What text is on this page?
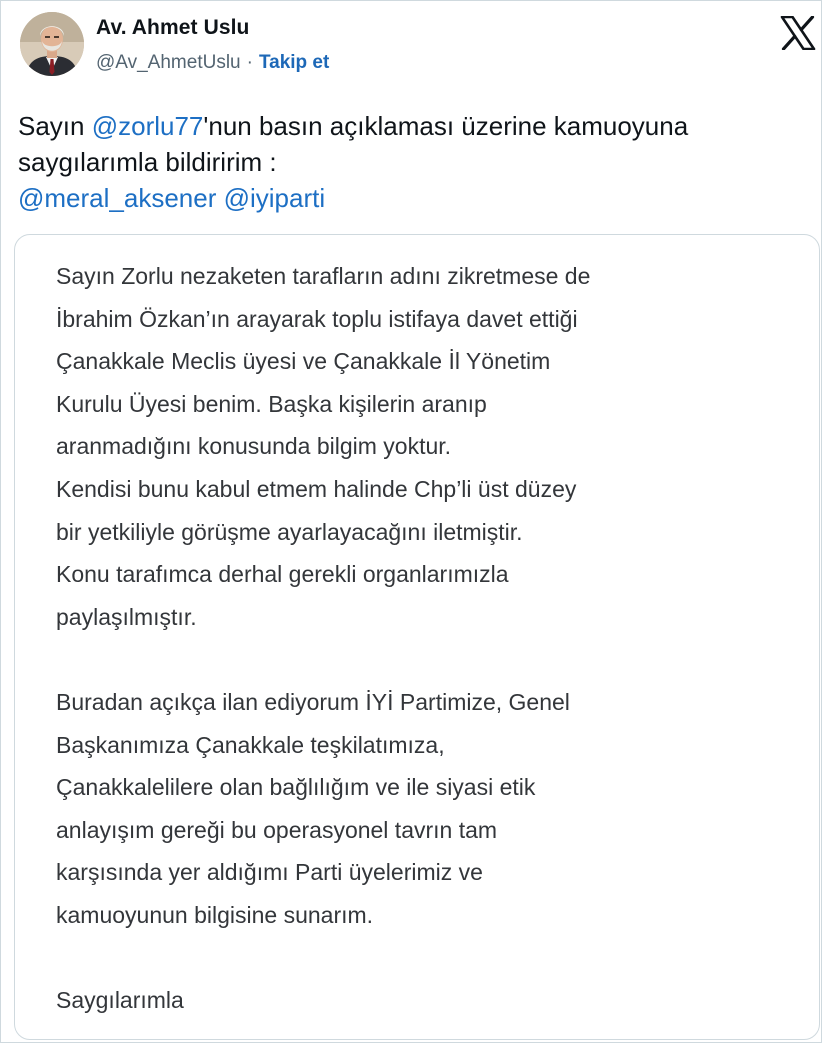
Av. Ahmet Uslu
@Av_AhmetUslu · Takip et
Sayın @zorlu77'nun basın açıklaması üzerine kamuoyuna saygılarımla bildiririm :
@meral_aksener @iyiparti

Sayın Zorlu nezaketen tarafların adını zikretmese de
İbrahim Özkan’ın arayarak toplu istifaya davet ettiği
Çanakkale Meclis üyesi ve Çanakkale İl Yönetim
Kurulu Üyesi benim. Başka kişilerin aranıp
aranmadığını konusunda bilgim yoktur.
Kendisi bunu kabul etmem halinde Chp’li üst düzey
bir yetkiliyle görüşme ayarlayacağını iletmiştir.
Konu tarafımca derhal gerekli organlarımızla
paylaşılmıştır.

Buradan açıkça ilan ediyorum İYİ Partimize, Genel
Başkanımıza Çanakkale teşkilatımıza,
Çanakkalelilere olan bağlılığım ve ile siyasi etik
anlayışım gereği bu operasyonel tavrın tam
karşısında yer aldığımı Parti üyelerimiz ve
kamuoyunun bilgisine sunarım.

Saygılarımla
